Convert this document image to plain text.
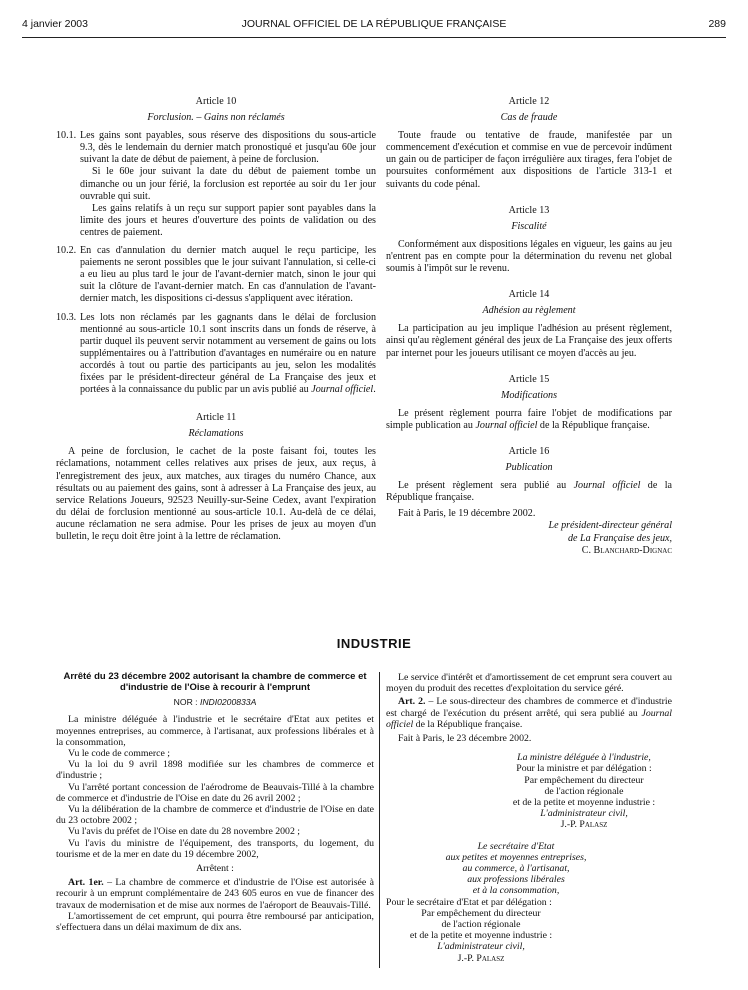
4 janvier 2003	JOURNAL OFFICIEL DE LA RÉPUBLIQUE FRANÇAISE	289

Article 10

Forclusion. – Gains non réclamés

10.1. Les gains sont payables, sous réserve des dispositions du sous-article 9.3, dès le lendemain du dernier match pronostiqué et jusqu'au 60e jour suivant la date de début de paiement, à peine de forclusion.

Si le 60e jour suivant la date du début de paiement tombe un dimanche ou un jour férié, la forclusion est reportée au soir du 1er jour ouvrable qui suit.

Les gains relatifs à un reçu sur support papier sont payables dans la limite des jours et heures d'ouverture des points de validation ou des centres de paiement.

10.2. En cas d'annulation du dernier match auquel le reçu participe, les paiements ne seront possibles que le jour suivant l'annulation, si celle-ci a eu lieu au plus tard le jour de l'avant-dernier match, sinon le jour qui suit la clôture de l'avant-dernier match. En cas d'annulation de l'avant-dernier match, les dispositions ci-dessus s'appliquent avec itération.

10.3. Les lots non réclamés par les gagnants dans le délai de forclusion mentionné au sous-article 10.1 sont inscrits dans un fonds de réserve, à partir duquel ils peuvent servir notamment au versement de gains ou lots supplémentaires ou à l'attribution d'avantages en numéraire ou en nature accordés à tout ou partie des participants au jeu, selon les modalités fixées par le président-directeur général de La Française des jeux et portées à la connaissance du public par un avis publié au Journal officiel.

Article 11

Réclamations

A peine de forclusion, le cachet de la poste faisant foi, toutes les réclamations, notamment celles relatives aux prises de jeux, aux reçus, à l'enregistrement des jeux, aux matches, aux tirages du numéro Chance, aux résultats ou au paiement des gains, sont à adresser à La Française des jeux, au service Relations Joueurs, 92523 Neuilly-sur-Seine Cedex, avant l'expiration du délai de forclusion mentionné au sous-article 10.1. Au-delà de ce délai, aucune réclamation ne sera admise. Pour les prises de jeux au moyen d'un bulletin, le reçu doit être joint à la lettre de réclamation.

Article 12

Cas de fraude

Toute fraude ou tentative de fraude, manifestée par un commencement d'exécution et commise en vue de percevoir indûment un gain ou de participer de façon irrégulière aux tirages, fera l'objet de poursuites conformément aux dispositions de l'article 313-1 et suivants du code pénal.

Article 13

Fiscalité

Conformément aux dispositions légales en vigueur, les gains au jeu n'entrent pas en compte pour la détermination du revenu net global soumis à l'impôt sur le revenu.

Article 14

Adhésion au règlement

La participation au jeu implique l'adhésion au présent règlement, ainsi qu'au règlement général des jeux de La Française des jeux offerts par internet pour les joueurs utilisant ce moyen d'accès au jeu.

Article 15

Modifications

Le présent règlement pourra faire l'objet de modifications par simple publication au Journal officiel de la République française.

Article 16

Publication

Le présent règlement sera publié au Journal officiel de la République française.

Fait à Paris, le 19 décembre 2002.

Le président-directeur général

de La Française des jeux,

C. Blanchard-Dignac

INDUSTRIE

Arrêté du 23 décembre 2002 autorisant la chambre de commerce et d'industrie de l'Oise à recourir à l'emprunt

NOR : INDI0200833A

La ministre déléguée à l'industrie et le secrétaire d'Etat aux petites et moyennes entreprises, au commerce, à l'artisanat, aux professions libérales et à la consommation,

Vu le code de commerce ;

Vu la loi du 9 avril 1898 modifiée sur les chambres de commerce et d'industrie ;

Vu l'arrêté portant concession de l'aérodrome de Beauvais-Tillé à la chambre de commerce et d'industrie de l'Oise en date du 26 avril 2002 ;

Vu la délibération de la chambre de commerce et d'industrie de l'Oise en date du 23 octobre 2002 ;

Vu l'avis du préfet de l'Oise en date du 28 novembre 2002 ;

Vu l'avis du ministre de l'équipement, des transports, du logement, du tourisme et de la mer en date du 19 décembre 2002,

Arrêtent :

Art. 1er. – La chambre de commerce et d'industrie de l'Oise est autorisée à recourir à un emprunt complémentaire de 243 605 euros en vue de financer des travaux de modernisation et de mise aux normes de l'aéroport de Beauvais-Tillé.

L'amortissement de cet emprunt, qui pourra être remboursé par anticipation, s'effectuera dans un délai maximum de dix ans.

Le service d'intérêt et d'amortissement de cet emprunt sera couvert au moyen du produit des recettes d'exploitation du service géré.

Art. 2. – Le sous-directeur des chambres de commerce et d'industrie est chargé de l'exécution du présent arrêté, qui sera publié au Journal officiel de la République française.

Fait à Paris, le 23 décembre 2002.

La ministre déléguée à l'industrie,

Pour la ministre et par délégation :

Par empêchement du directeur

de l'action régionale

et de la petite et moyenne industrie :

L'administrateur civil,

J.-P. Palasz

Le secrétaire d'Etat

aux petites et moyennes entreprises,

au commerce, à l'artisanat,

aux professions libérales

et à la consommation,

Pour le secrétaire d'Etat et par délégation :

Par empêchement du directeur

de l'action régionale

et de la petite et moyenne industrie :

L'administrateur civil,

J.-P. Palasz
